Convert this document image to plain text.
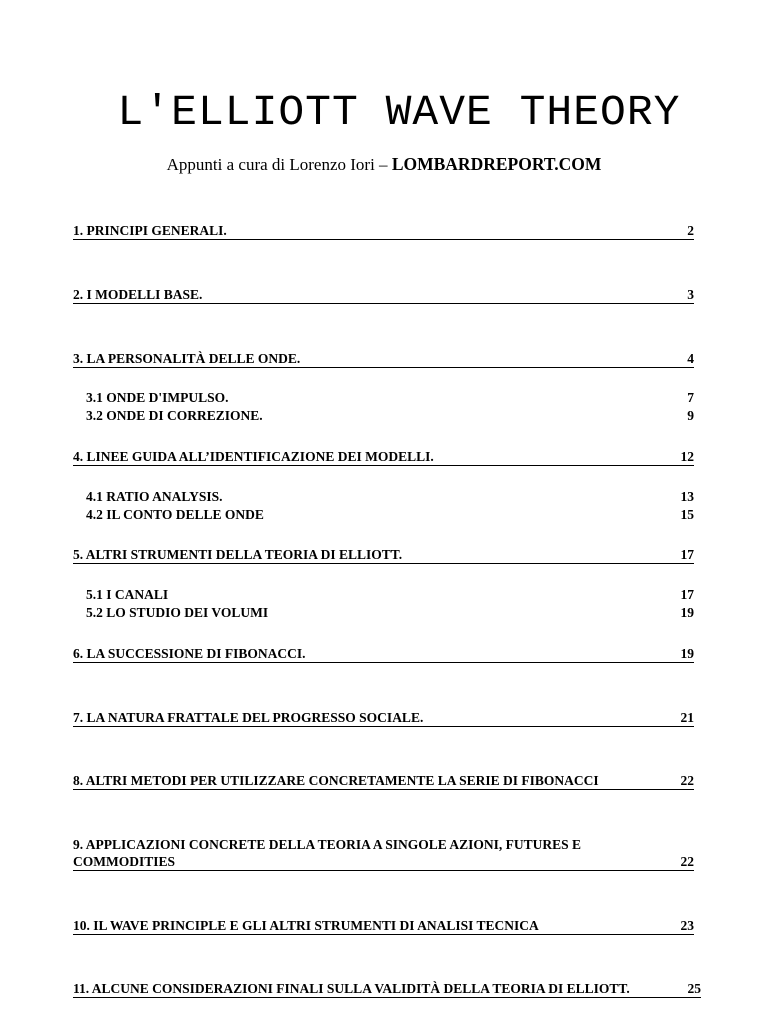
L'ELLIOTT WAVE THEORY
Appunti a cura di Lorenzo Iori – LOMBARDREPORT.COM
1. PRINCIPI GENERALI.	2
2. I MODELLI BASE.	3
3. LA PERSONALITÀ DELLE ONDE.	4
3.1 ONDE D'IMPULSO.	7
3.2 ONDE DI CORREZIONE.	9
4. LINEE GUIDA ALL’IDENTIFICAZIONE DEI MODELLI.	12
4.1 RATIO ANALYSIS.	13
4.2 IL CONTO DELLE ONDE	15
5. ALTRI STRUMENTI DELLA TEORIA DI ELLIOTT.	17
5.1 I CANALI	17
5.2 LO STUDIO DEI VOLUMI	19
6. LA SUCCESSIONE DI FIBONACCI.	19
7. LA NATURA FRATTALE DEL PROGRESSO SOCIALE.	21
8. ALTRI METODI PER UTILIZZARE CONCRETAMENTE LA SERIE DI FIBONACCI	22
9. APPLICAZIONI CONCRETE DELLA TEORIA A SINGOLE AZIONI, FUTURES E COMMODITIES	22
10. IL WAVE PRINCIPLE E GLI ALTRI STRUMENTI DI ANALISI TECNICA	23
11. ALCUNE CONSIDERAZIONI FINALI SULLA VALIDITÀ DELLA TEORIA DI ELLIOTT.	25
